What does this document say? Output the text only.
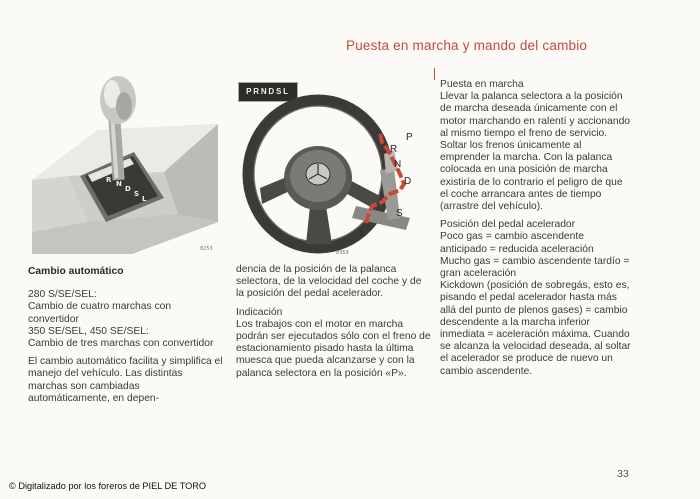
Puesta en marcha y mando del cambio
P R N
D
S
L
8253
PRNDSL
P
R
N
D
S
L
8359

Cambio automático

280 S/SE/SEL:

Cambio de cuatro marchas con convertidor

350 SE/SEL, 450 SE/SEL:

Cambio de tres marchas con convertidor

El cambio automático facilita y simplifica el manejo del vehículo. Las distintas marchas son cambiadas automáticamente, en depen-

dencia de la posición de la palanca selectora, de la velocidad del coche y de la posición del pedal acelerador.

Indicación

Los trabajos con el motor en marcha podrán ser ejecutados sólo con el freno de estacionamiento pisado hasta la última muesca que pueda alcanzarse y con la palanca selectora en la posición «P».

Puesta en marcha

Llevar la palanca selectora a la posición de marcha deseada únicamente con el motor marchando en ralentí y accionando al mismo tiempo el freno de servicio. Soltar los frenos únicamente al emprender la marcha. Con la palanca colocada en una posición de marcha existiría de lo contrario el peligro de que el coche arrancara antes de tiempo (arrastre del vehículo).

Posición del pedal acelerador

Poco gas = cambio ascendente anticipado = reducida aceleración

Mucho gas = cambio ascendente tardío = gran aceleración

Kickdown (posición de sobregás, esto es, pisando el pedal acelerador hasta más allá del punto de plenos gases) = cambio descendente a la marcha inferior inmediata = aceleración máxima. Cuando se alcanza la velocidad deseada, al soltar el acelerador se produce de nuevo un cambio ascendente.

33
© Digitalizado por los foreros de PIEL DE TORO
